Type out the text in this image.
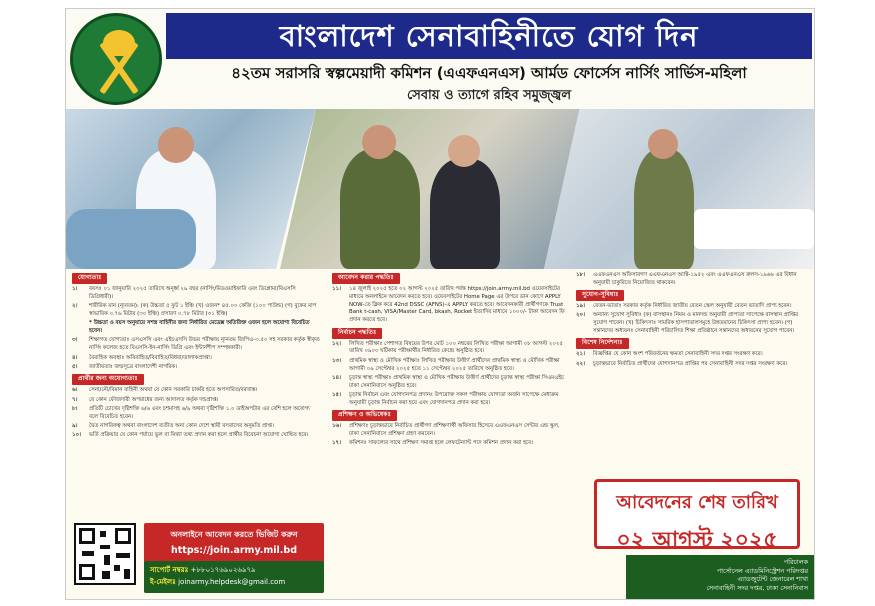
বাংলাদেশ সেনাবাহিনীতে যোগ দিন
৪২তম সরাসরি স্বল্পমেয়াদী কমিশন (এএফএনএস) আর্মড ফোর্সেস নার্সিং সার্ভিস-মহিলা
সেবায় ও ত্যাগে রহিব সমুজ্জ্বল
যোগ্যতাঃ
১।	বয়সঃ ০১ জানুয়ারি ২০২৫ তারিখে অনূর্ধ্ব ২৯ বছর (নার্সিং/মিডওয়াইফারি এবং ডিপ্লোমা/বিএসসি ডিগ্রিধারী)।
২।	শারীরিক মান (ন্যূনতম): (ক) উচ্চতা ৫ ফুট ১ ইঞ্চি (খ) ওজন* ৪৫.০০ কেজি (১০০ পাউন্ড) (গ) বুকের মাপ স্বাভাবিক ০.৭৬ মিটার (৩০ ইঞ্চি) প্রসারণ ০.৭৮ মিটার (৩১ ইঞ্চি)
* উচ্চতা ও বয়স অনুযায়ে সশস্ত্র বাহিনীর জন্য নির্ধারিত মেডেক্স অতিরিক্ত ওজন হলে অযোগ্য বিবেচিত হবেন।
৩।	শিক্ষাগত যোগ্যতাঃ এসএসসি এবং এইচএসসি উভয় পরীক্ষায় ন্যূনতম জিপিএ-৩.৫০ সহ সরকার কর্তৃক স্বীকৃত নার্সিং কলেজ হতে বিএসসি-ইন-নার্সিং ডিগ্রি এবং ইন্টার্নশীপ সম্পন্নকারী।
৪।	বৈবাহিক অবস্থাঃ অবিবাহিত/বিবাহিত/বিধবা/তালাকপ্রাপ্তা।
৫।	জাতীয়তাঃ জন্মসূত্রে বাংলাদেশী নাগরিক।
প্রার্থীর জন্য অযোগ্যতাঃ
৬।	সেনা/নৌ/বিমান বাহিনী অথবা যে কোন সরকারি চাকরি হতে অপসারিত/বরখাস্ত।
৭।	যে কোন ফৌজদারী অপরাধের জন্য আদালত কর্তৃক দন্ডপ্রাপ্ত।
৮।	প্রতিটি চোখের দৃষ্টিশক্তি ৬/৬ এবং চশমাসহ ৬/৯ অথবা দৃষ্টিশক্তি ১.০ ডাইঅপটার এর বেশি হলে অযোগ্য বলে বিবেচিত হবেন।
৯।	দ্বৈত নাগরিকত্ব অথবা বাংলাদেশ ব্যতীত অন্য কোন দেশে স্থায়ী বসবাসের অনুমতি প্রাপ্ত।
১০।	ভর্তি প্রক্রিয়ার যে কোন পর্যায়ে ভুল বা মিথ্যা তথ্য প্রদান করা হলে প্রার্থীর বিবেচনা অযোগ্য ঘোষিত হবে।
আবেদন করার পদ্ধতিঃ
১১।	১৪ জুলাই ২০২৫ হতে ০২ আগস্ট ২০২৫ তারিখ পর্যন্ত https://join.army.mil.bd ওয়েবসাইটের মাধ্যমে অনলাইনে আবেদন করতে হবে। ওয়েবসাইটের Home Page এর উপরে ডান কোণে APPLY NOW-তে ক্লিক করে 42nd DSSC (AFNS)-এ APPLY করতে হবে। আবেদনকারী প্রার্থীগণকে Trust Bank t-cash, VISA/Master Card, bkash, Rocket ইত্যাদির মাধ্যমে ১০০০/- টাকা আবেদন ফি প্রদান করতে হবে।
নির্বাচন পদ্ধতিঃ
১২।	লিখিত পরীক্ষাঃ পেশাগত বিষয়ের উপর মোট ১০০ নম্বরের লিখিত পরীক্ষা আগামী ০৮ আগস্ট ২০২৫ তারিখ ০৯০০ ঘটিকায় পরীক্ষার্থীর নির্ধারিত কেন্দ্রে অনুষ্ঠিত হবে।
১৩।	প্রাথমিক স্বাস্থ্য ও মৌখিক পরীক্ষাঃ লিখিত পরীক্ষায় উত্তীর্ণ প্রার্থীদের প্রাথমিক স্বাস্থ্য ও মৌখিক পরীক্ষা আগামী ০৯ সেপ্টেম্বর ২০২৫ হতে ১১ সেপ্টেম্বর ২০২৫ তারিখে অনুষ্ঠিত হবে।
১৪।	চূড়ান্ত স্বাস্থ্য পরীক্ষাঃ প্রাথমিক স্বাস্থ্য ও মৌখিক পরীক্ষায় উত্তীর্ণ প্রার্থীদের চূড়ান্ত স্বাস্থ্য পরীক্ষা সিএমএইচ ঢাকা সেনানিবাসে অনুষ্ঠিত হবে।
১৫।	চূড়ান্ত নির্বাচন এবং যোগদানপত্র প্রদানঃ উপরোক্ত সকল পরীক্ষায় যোগ্যতা অর্জন সাপেক্ষে মেধাক্রম অনুযায়ী চূড়ান্ত নির্বাচন করা হবে এবং যোগদানপত্র প্রদান করা হবে।
প্রশিক্ষণ ও অভিষেকঃ
১৬।	প্রশিক্ষণঃ চূড়ান্তভাবে নির্বাচিত প্রার্থীগণ প্রশিক্ষণার্থী অফিসার হিসেবে এএফএনএস সেন্টার এন্ড স্কুল, ঢাকা সেনানিবাসে প্রশিক্ষণ গ্রহণ করবেন।
১৭।	কমিশনঃ সাফল্যের সাথে প্রশিক্ষণ সমাপ্ত হলে লেফটেন্যান্ট পদে কমিশন প্রদান করা হবে।
১৮।	এএফএনএস অফিসারগণ এএফএনএস অ্যাক্ট-১৯৫২ এবং এএফএনএস রুলস-১৯৬৬ এর বিধান অনুযায়ী চাকুরিতে নিয়োজিত থাকবেন।
সুযোগ-সুবিধাঃ
১৯।	বেতন-ভাতাঃ সরকার কর্তৃক নির্ধারিত জাতীয় বেতন স্কেল অনুযায়ী বেতন ভাতাদি প্রাপ্য হবেন।
২০।	অন্যান্য সুযোগ সুবিধাঃ (ক) বাসস্থানঃ নিয়ম ও মানদন্ড অনুযায়ী প্রাপ্যতা সাপেক্ষে বাসস্থান প্রাপ্তির সুযোগ পাবেন। (খ) চিকিৎসাঃ সামরিক হাসপাতালসমূহে উন্নতমানের চিকিৎসা প্রাপ্য হবেন। (গ) সন্তানদের অধ্যয়নঃ সেনাবাহিনী পরিচালিত শিক্ষা প্রতিষ্ঠানে সন্তানদের অধ্যয়নের সুযোগ পাবেন।
বিশেষ নির্দেশনাঃ
২১।	বিজ্ঞপ্তির যে কোন অংশ পরিবর্তনের ক্ষমতা সেনাবাহিনী সদর দপ্তর সংরক্ষণ করে।
২২।	চূড়ান্তভাবে নির্বাচিত প্রার্থীদের যোগদানপত্র প্রাপ্তির পর সেনাবাহিনী সদর দপ্তর সংরক্ষণ করে।
আবেদনের শেষ তারিখ
০২ আগস্ট ২০২৫
অনলাইনে আবেদন করতে ভিজিট করুন
https://join.army.mil.bd
সাপোর্ট নম্বরঃ +৮৮০১৭৬৯০২৬৯৭৯
ই-মেইলঃ joinarmy.helpdesk@gmail.com
পরিচালক
পার্সোনেল এ্যাডমিনিস্ট্রেশন পরিদপ্তর
এ্যাডজুটেন্ট জেনারেল শাখা
সেনাবাহিনী সদর দপ্তর, ঢাকা সেনানিবাস
